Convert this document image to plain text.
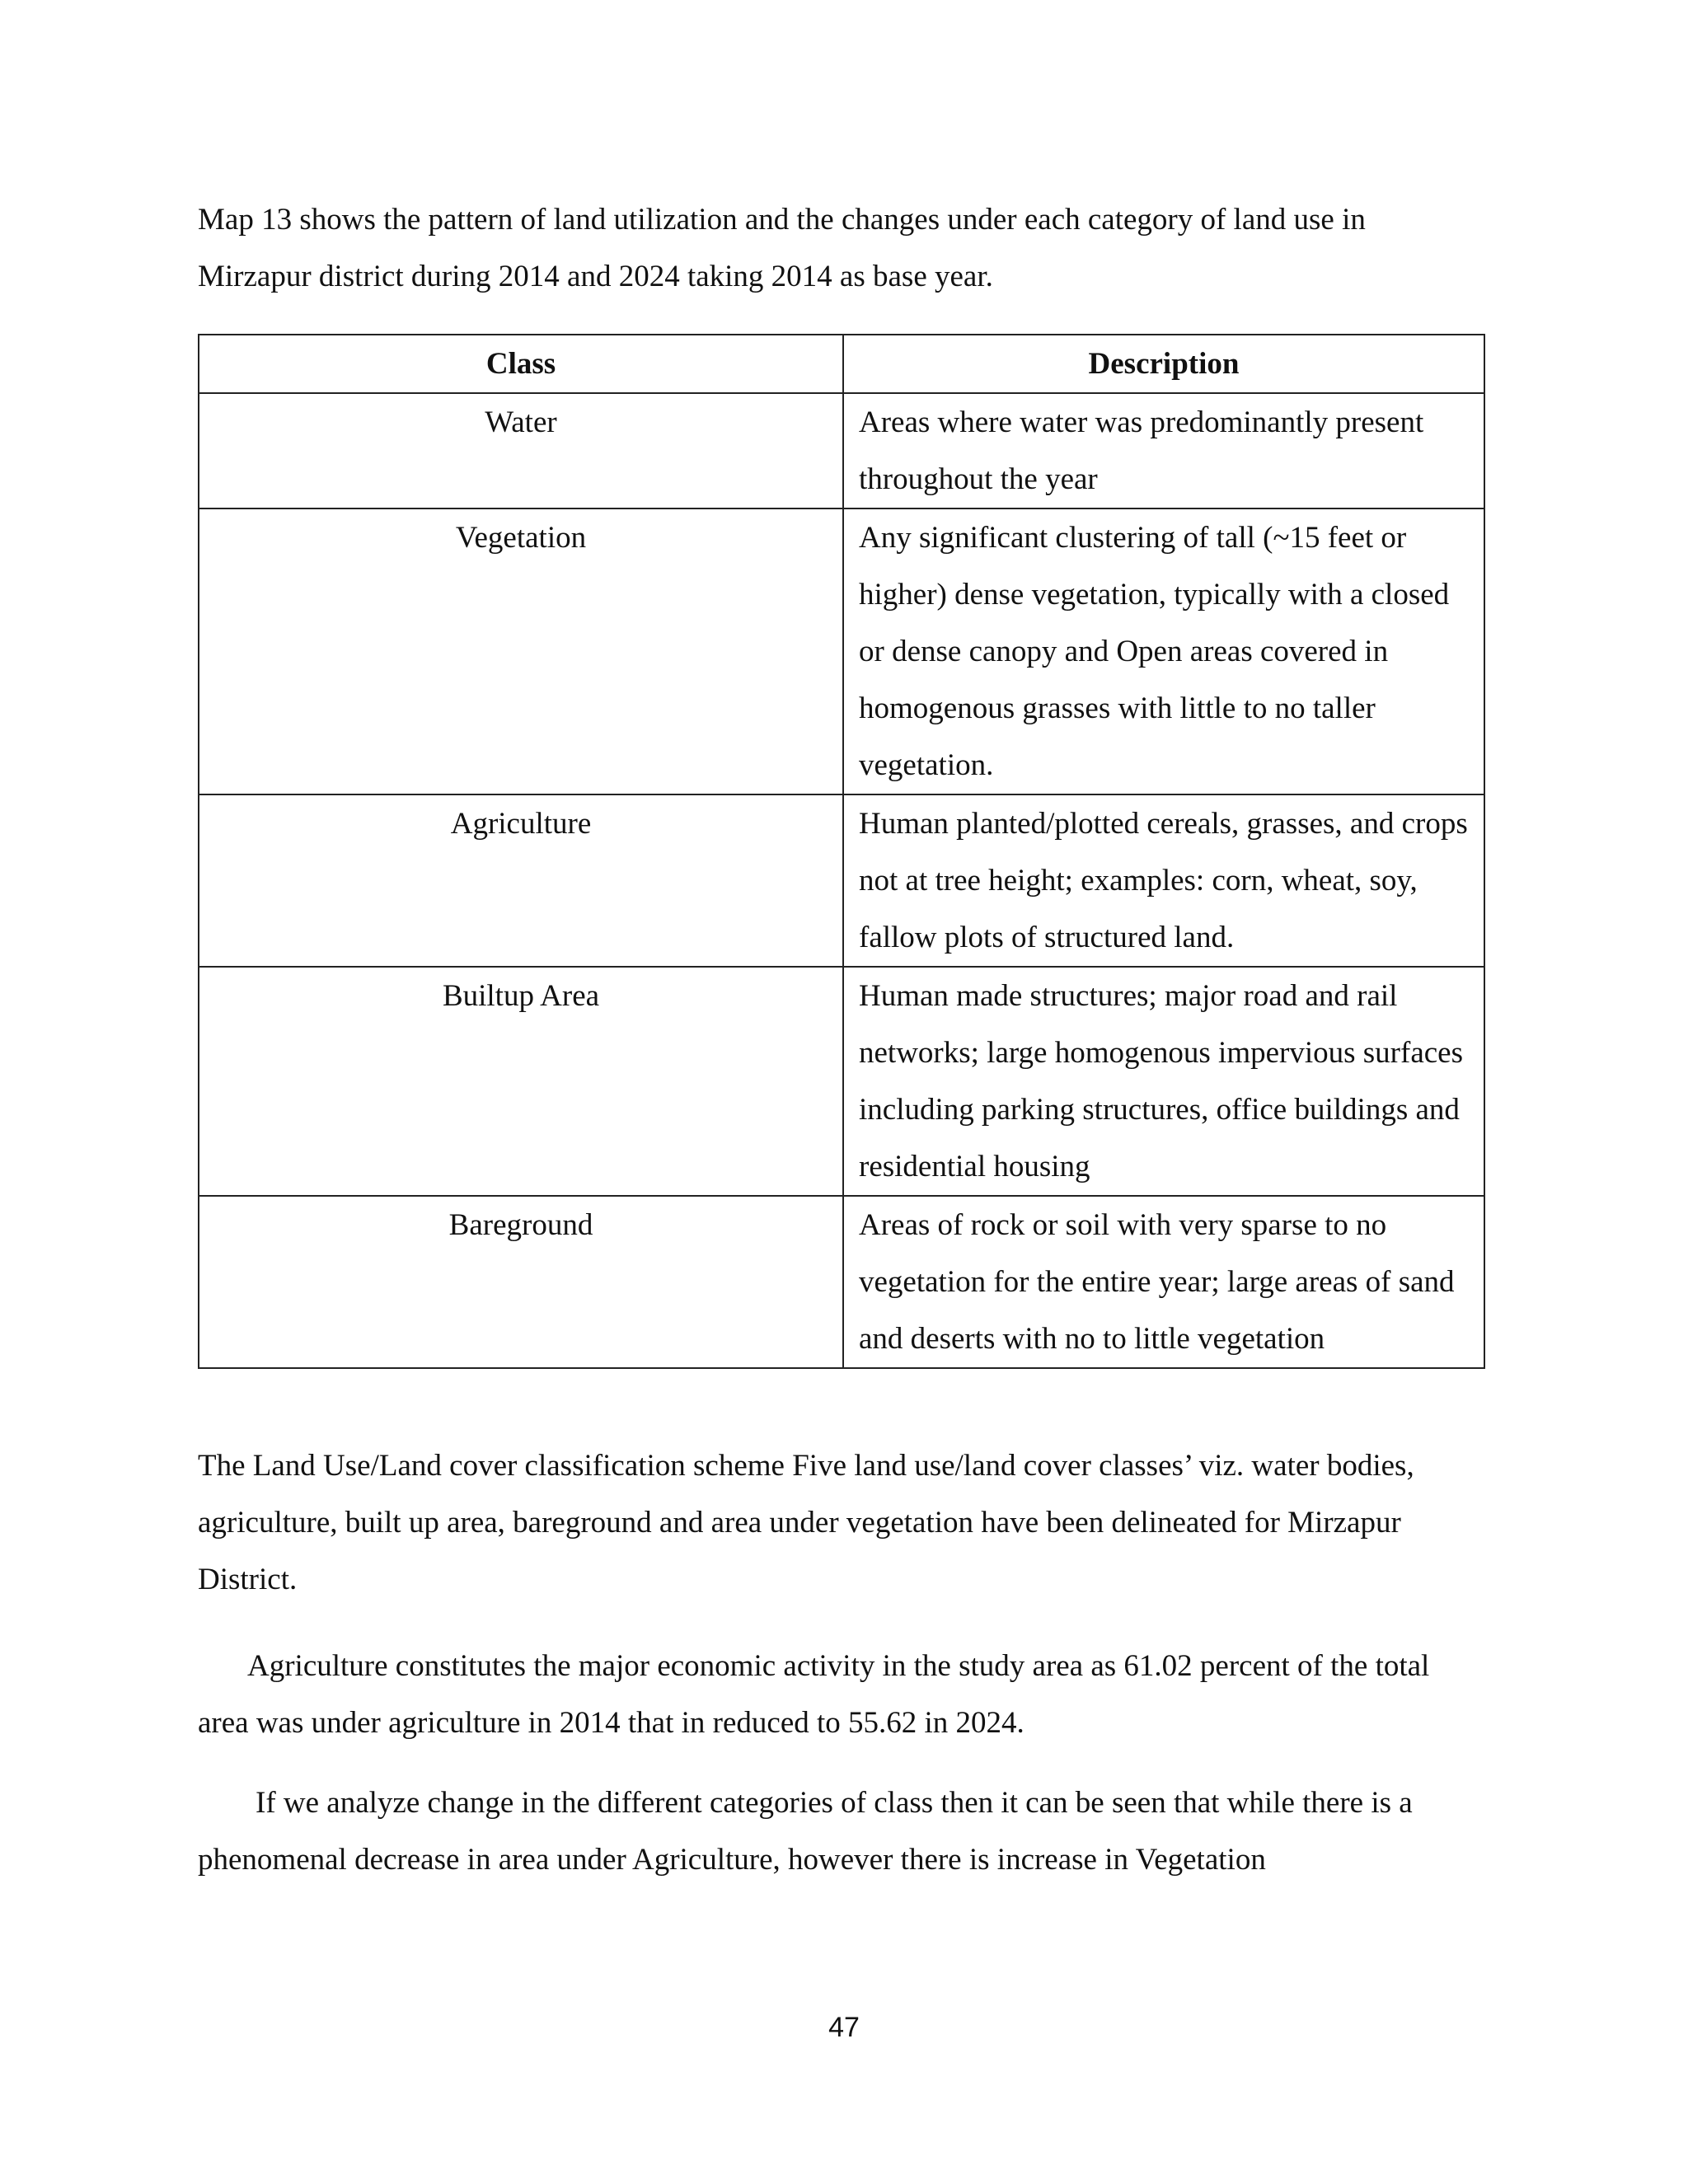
Map 13 shows the pattern of land utilization and the changes under each category of land use in Mirzapur district during 2014 and 2024 taking 2014 as base year.

Class	Description
Water	Areas where water was predominantly present throughout the year
Vegetation	Any significant clustering of tall (~15 feet or higher) dense vegetation, typically with a closed or dense canopy and Open areas covered in homogenous grasses with little to no taller vegetation.
Agriculture	Human planted/plotted cereals, grasses, and crops not at tree height; examples: corn, wheat, soy, fallow plots of structured land.
Builtup Area	Human made structures; major road and rail networks; large homogenous impervious surfaces including parking structures, office buildings and residential housing
Bareground	Areas of rock or soil with very sparse to no vegetation for the entire year; large areas of sand and deserts with no to little vegetation

The Land Use/Land cover classification scheme Five land use/land cover classes’ viz. water bodies, agriculture, built up area, bareground and area under vegetation have been delineated for Mirzapur District.

Agriculture constitutes the major economic activity in the study area as 61.02 percent of the total area was under agriculture in 2014 that in reduced to 55.62 in 2024.

If we analyze change in the different categories of class then it can be seen that while there is a phenomenal decrease in area under Agriculture, however there is increase in Vegetation

47
